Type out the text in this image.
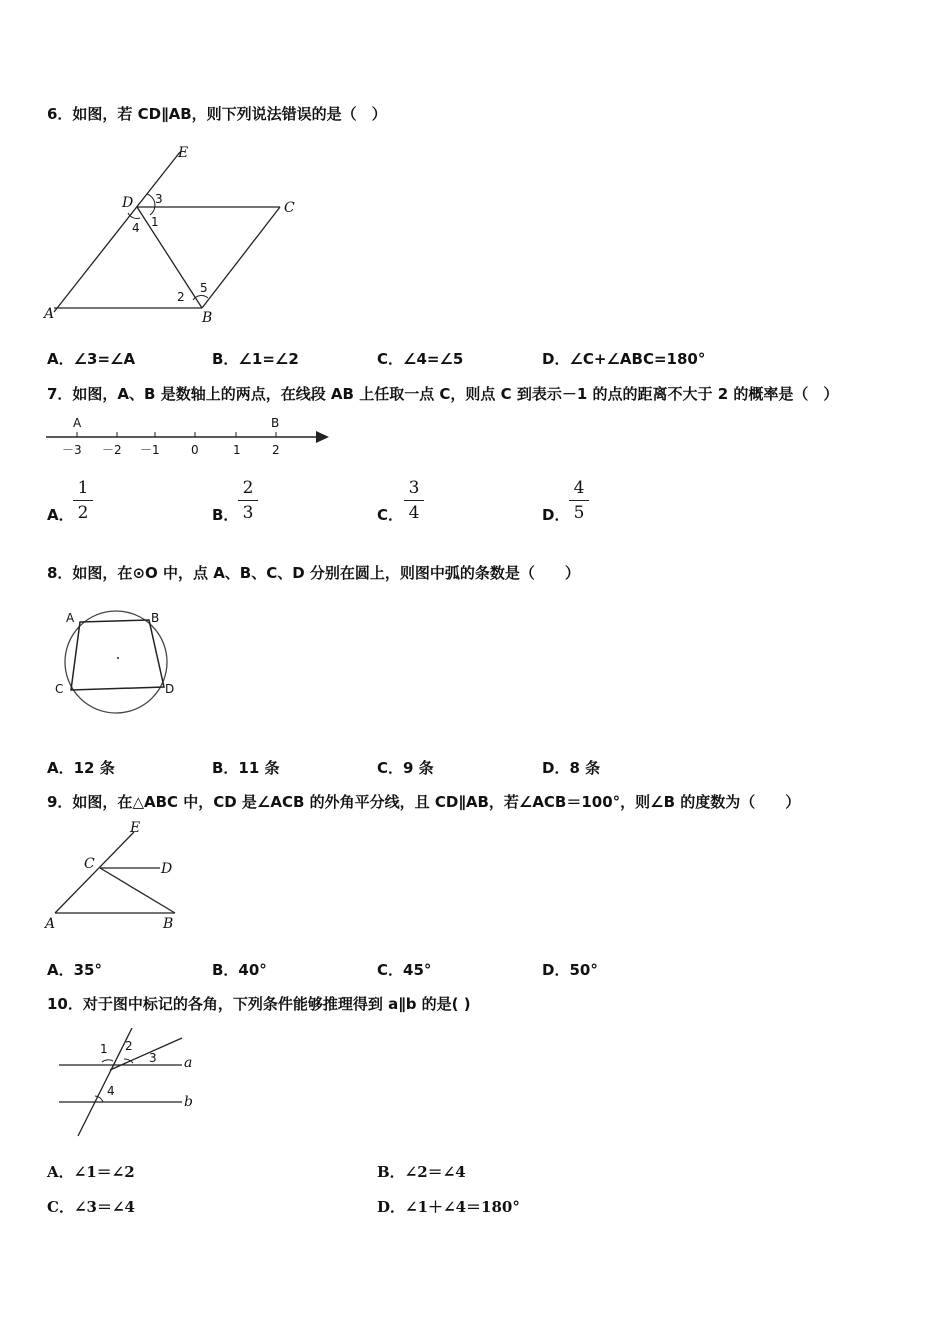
6．如图，若 CD∥AB，则下列说法错误的是（　）
E
D	C
A	B
3
1
4
2
5
A．∠3=∠A	B．∠1=∠2	C．∠4=∠5	D．∠C+∠ABC=180°
7．如图，A、B 是数轴上的两点，在线段 AB 上任取一点 C，则点 C 到表示－1 的点的距离不大于 2 的概率是（　）
A	B
－3 －2 －1	0	1	2
A．
1
2	B．
2
3	C．
3
4	D．
4
5
8．如图，在⊙O 中，点 A、B、C、D 分别在圆上，则图中弧的条数是（　　）
A	B
C	D
A．12 条	B．11 条	C．9 条	D．8 条
9．如图，在△ABC 中，CD 是∠ACB 的外角平分线，且 CD∥AB，若∠ACB＝100°，则∠B 的度数为（　　）
E
C	D
A	B
A．35°	B．40°	C．45°	D．50°
10．对于图中标记的各角，下列条件能够推理得到 a∥b 的是( )
a
b
1 2
3
4
A．∠1＝∠2	B．∠2＝∠4
C．∠3＝∠4	D．∠1＋∠4＝180°
